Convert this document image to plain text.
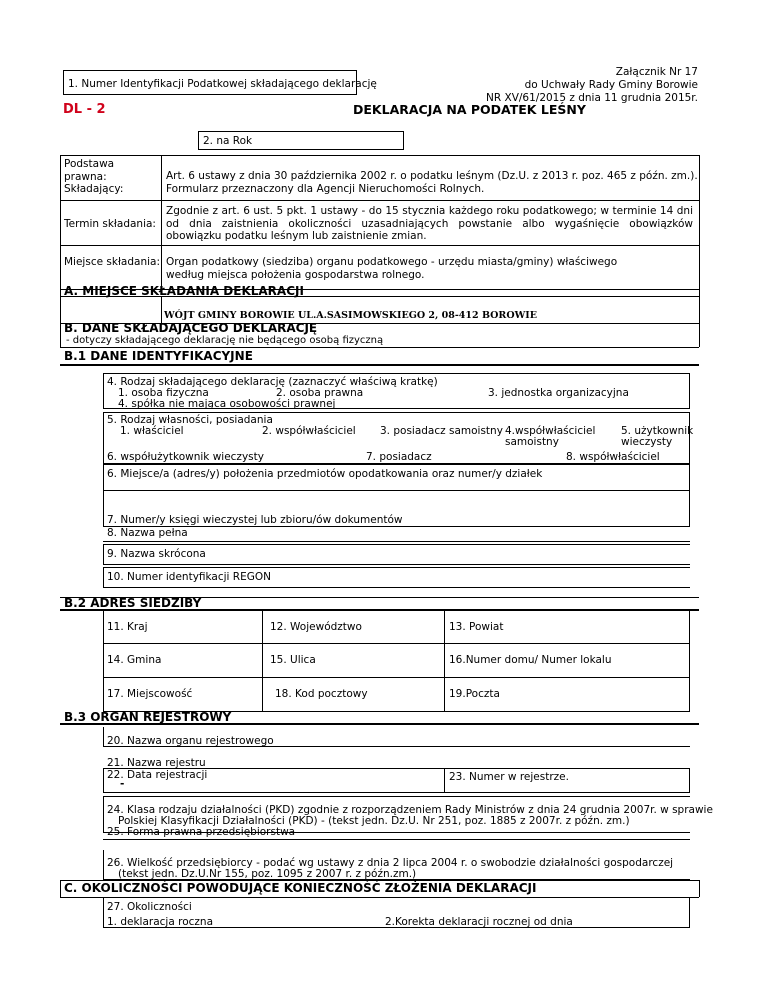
1. Numer Identyfikacji Podatkowej składającego deklarację
Załącznik Nr 17
do Uchwały Rady Gminy Borowie
NR XV/61/2015 z dnia 11 grudnia 2015r.
DL - 2	DEKLARACJA NA PODATEK LEŚNY
2. na Rok
Podstawa prawna:	Art. 6 ustawy z dnia 30 października 2002 r. o podatku leśnym (Dz.U. z 2013 r. poz. 465 z późn. zm.).
Składający:	Formularz przeznaczony dla Agencji Nieruchomości Rolnych.
Termin składania:
Zgodnie z art. 6 ust. 5 pkt. 1 ustawy - do 15 stycznia każdego roku podatkowego; w terminie 14 dni od dnia zaistnienia okoliczności uzasadniających powstanie albo wygaśnięcie obowiązków obowiązku podatku leśnym lub zaistnienie zmian.
Miejsce składania: Organ podatkowy (siedziba) organu podatkowego - urzędu miasta/gminy) właściwego według miejsca położenia gospodarstwa rolnego.
A. MIEJSCE SKŁADANIA DEKLARACJI
WÓJT GMINY BOROWIE UL.A.SASIMOWSKIEGO 2, 08-412 BOROWIE
B. DANE SKŁADAJĄCEGO DEKLARACJĘ
- dotyczy składającego deklarację nie będącego osobą fizyczną
B.1 DANE IDENTYFIKACYJNE
4. Rodzaj składającego deklarację (zaznaczyć właściwą kratkę)
1. osoba fizyczna	2. osoba prawna	3. jednostka organizacyjna
4. spółka nie mająca osobowości prawnej
5. Rodzaj własności, posiadania
1. właściciel	2. współwłaściciel 3. posiadacz samoistny 4.współwłaściciel
samoistny
5. użytkownik
wieczysty
6. współużytkownik wieczysty	7. posiadacz	8. współwłaściciel
6. Miejsce/a (adres/y) położenia przedmiotów opodatkowania oraz numer/y działek
7. Numer/y księgi wieczystej lub zbioru/ów dokumentów
8. Nazwa pełna
9. Nazwa skrócona
10. Numer identyfikacji REGON
B.2 ADRES SIEDZIBY
11. Kraj	12. Województwo	13. Powiat
14. Gmina	15. Ulica	16.Numer domu/ Numer lokalu
17. Miejscowość	18. Kod pocztowy	19.Poczta
B.3 ORGAN REJESTROWY
20. Nazwa organu rejestrowego
21. Nazwa rejestru
22. Data rejestracji
-
23. Numer w rejestrze.
24. Klasa rodzaju działalności (PKD) zgodnie z rozporządzeniem Rady Ministrów z dnia 24 grudnia 2007r. w sprawie
Polskiej Klasyfikacji Działalności (PKD) - (tekst jedn. Dz.U. Nr 251, poz. 1885 z 2007r. z późn. zm.)
25. Forma prawna przedsiębiorstwa
26. Wielkość przedsiębiorcy - podać wg ustawy z dnia 2 lipca 2004 r. o swobodzie działalności gospodarczej
(tekst jedn. Dz.U.Nr 155, poz. 1095 z 2007 r. z późn.zm.)
C. OKOLICZNOŚCI POWODUJĄCE KONIECZNOŚĆ ZŁOŻENIA DEKLARACJI
27. Okoliczności
1. deklaracja roczna	2.Korekta deklaracji rocznej od dnia
